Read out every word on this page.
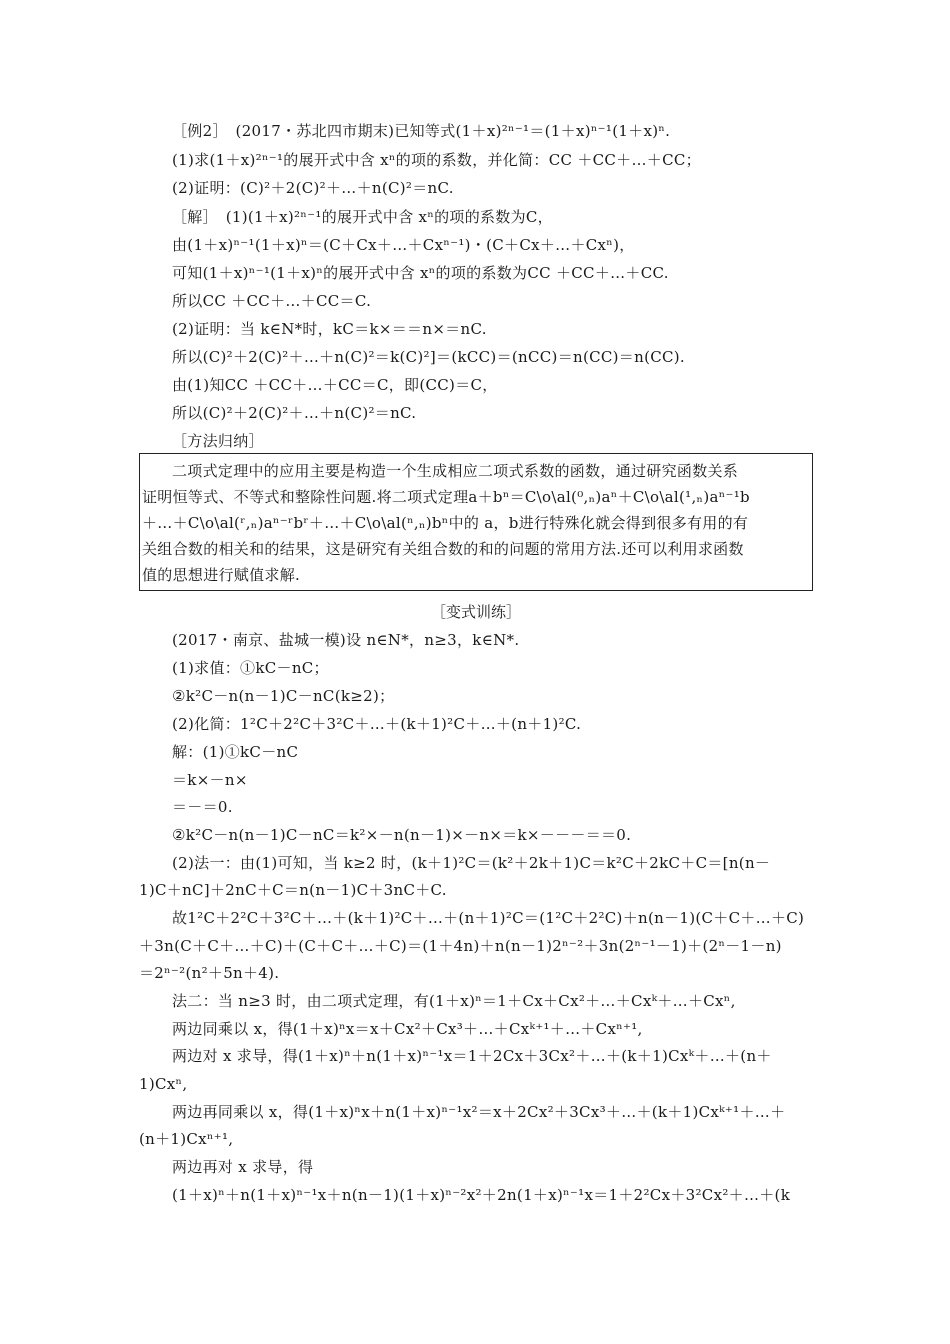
［例2］　(2017・苏北四市期末)已知等式(1＋x)²ⁿ⁻¹＝(1＋x)ⁿ⁻¹(1＋x)ⁿ.
(1)求(1＋x)²ⁿ⁻¹的展开式中含 xⁿ的项的系数，并化简：CC ＋CC＋…＋CC；
(2)证明：(C)²＋2(C)²＋…＋n(C)²＝nC.
［解］　(1)(1＋x)²ⁿ⁻¹的展开式中含 xⁿ的项的系数为C，
由(1＋x)ⁿ⁻¹(1＋x)ⁿ＝(C＋Cx＋…＋Cxⁿ⁻¹)・(C＋Cx＋…＋Cxⁿ)，
可知(1＋x)ⁿ⁻¹(1＋x)ⁿ的展开式中含 xⁿ的项的系数为CC ＋CC＋…＋CC.
所以CC ＋CC＋…＋CC＝C.
(2)证明：当 k∈N*时，kC＝k×＝＝n×＝nC.
所以(C)²＋2(C)²＋…＋n(C)²＝k(C)²]＝(kCC)＝(nCC)＝n(CC)＝n(CC).
由(1)知CC ＋CC＋…＋CC＝C，即(CC)＝C，
所以(C)²＋2(C)²＋…＋n(C)²＝nC.
［方法归纳］
二项式定理中的应用主要是构造一个生成相应二项式系数的函数，通过研究函数关系
证明恒等式、不等式和整除性问题.将二项式定理a＋bⁿ＝C\o\al(⁰,ₙ)aⁿ＋C\o\al(¹,ₙ)aⁿ⁻¹b
＋…＋C\o\al(ʳ,ₙ)aⁿ⁻ʳbʳ＋…＋C\o\al(ⁿ,ₙ)bⁿ中的 a，b进行特殊化就会得到很多有用的有
关组合数的相关和的结果，这是研究有关组合数的和的问题的常用方法.还可以利用求函数
值的思想进行赋值求解.
［变式训练］
(2017・南京、盐城一模)设 n∈N*，n≥3，k∈N*.
(1)求值：①kC－nC；
②k²C－n(n－1)C－nC(k≥2)；
(2)化简：1²C＋2²C＋3²C＋…＋(k＋1)²C＋…＋(n＋1)²C.
解：(1)①kC－nC
＝k×－n×
＝－＝0.
②k²C－n(n－1)C－nC＝k²×－n(n－1)×－n×＝k×－－－＝＝0.
(2)法一：由(1)可知，当 k≥2 时，(k＋1)²C＝(k²＋2k＋1)C＝k²C＋2kC＋C＝[n(n－
1)C＋nC]＋2nC＋C＝n(n－1)C＋3nC＋C.
故1²C＋2²C＋3²C＋…＋(k＋1)²C＋…＋(n＋1)²C＝(1²C＋2²C)＋n(n－1)(C＋C＋…＋C)
＋3n(C＋C＋…＋C)＋(C＋C＋…＋C)＝(1＋4n)＋n(n－1)2ⁿ⁻²＋3n(2ⁿ⁻¹－1)＋(2ⁿ－1－n)
＝2ⁿ⁻²(n²＋5n＋4).
法二：当 n≥3 时，由二项式定理，有(1＋x)ⁿ＝1＋Cx＋Cx²＋…＋Cxᵏ＋…＋Cxⁿ,
两边同乘以 x，得(1＋x)ⁿx＝x＋Cx²＋Cx³＋…＋Cxᵏ⁺¹＋…＋Cxⁿ⁺¹,
两边对 x 求导，得(1＋x)ⁿ＋n(1＋x)ⁿ⁻¹x＝1＋2Cx＋3Cx²＋…＋(k＋1)Cxᵏ＋…＋(n＋
1)Cxⁿ,
两边再同乘以 x，得(1＋x)ⁿx＋n(1＋x)ⁿ⁻¹x²＝x＋2Cx²＋3Cx³＋…＋(k＋1)Cxᵏ⁺¹＋…＋
(n＋1)Cxⁿ⁺¹,
两边再对 x 求导，得
(1＋x)ⁿ＋n(1＋x)ⁿ⁻¹x＋n(n－1)(1＋x)ⁿ⁻²x²＋2n(1＋x)ⁿ⁻¹x＝1＋2²Cx＋3²Cx²＋…＋(k
